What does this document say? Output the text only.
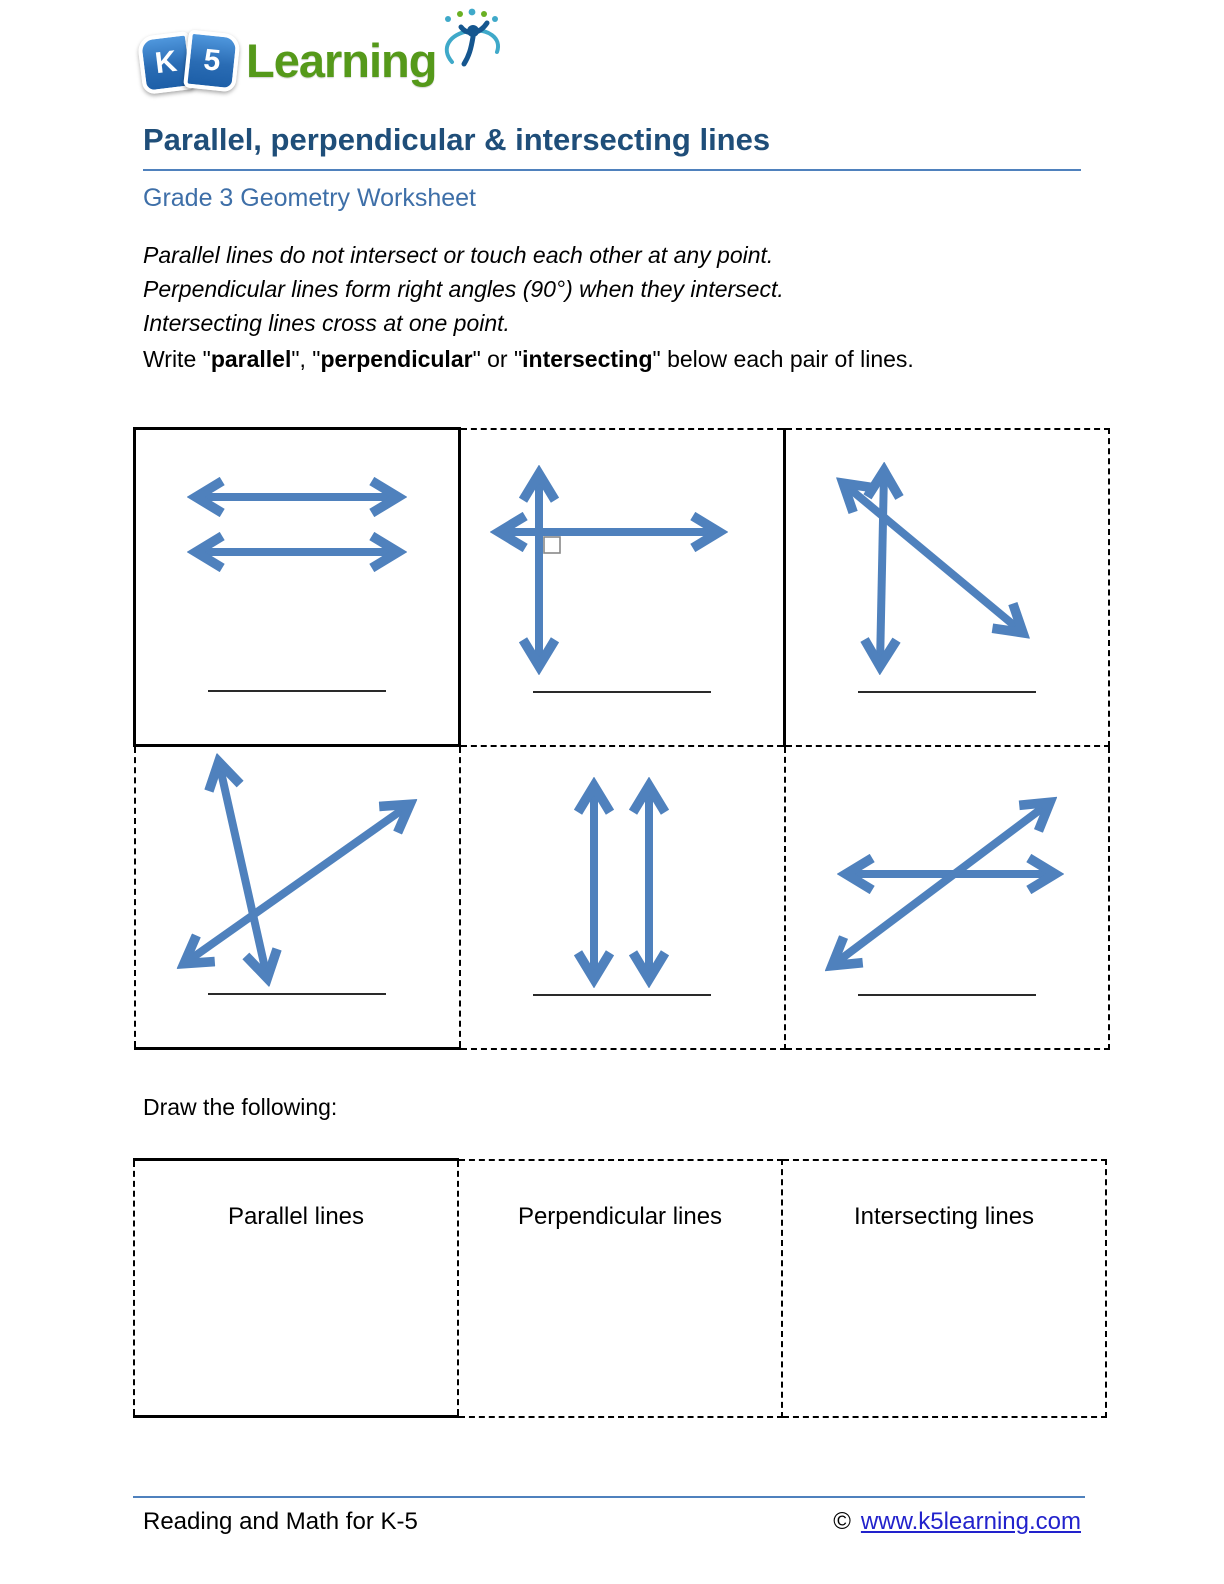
K 5 Learning
Parallel, perpendicular & intersecting lines
Grade 3 Geometry Worksheet
Parallel lines do not intersect or touch each other at any point.
Perpendicular lines form right angles (90°) when they intersect.
Intersecting lines cross at one point.
Write "parallel", "perpendicular" or "intersecting" below each pair of lines.

Draw the following:
Parallel lines	Perpendicular lines	Intersecting lines
Reading and Math for K-5	© www.k5learning.com
